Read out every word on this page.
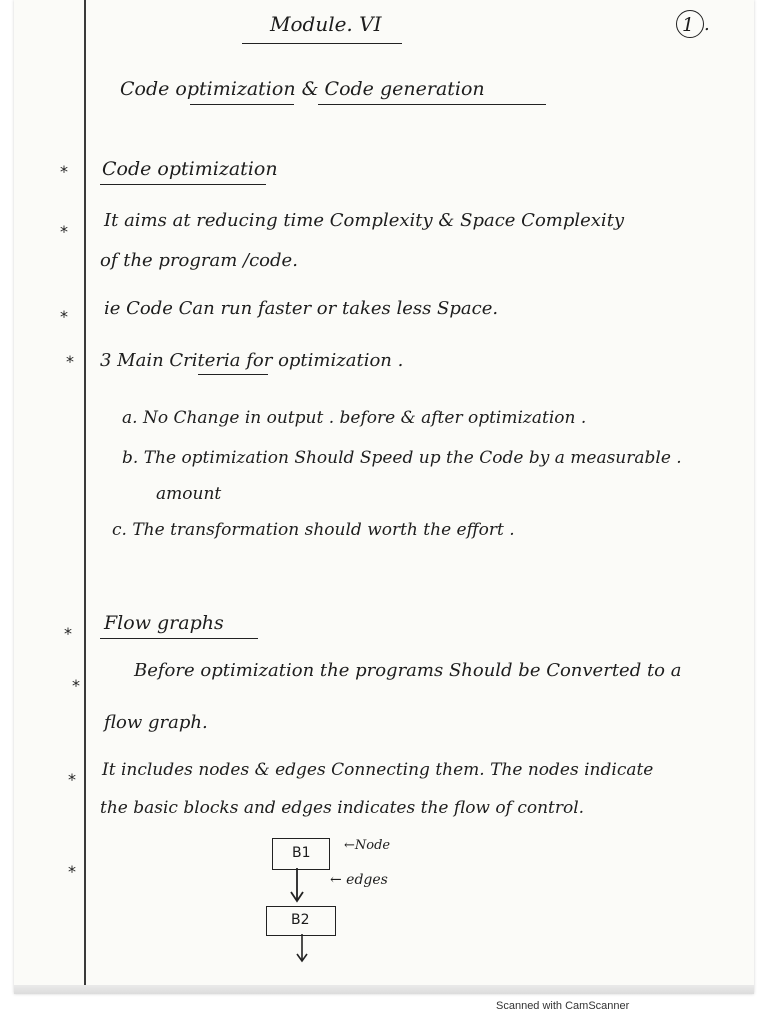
Module. VI	1 .
Code optimization & Code generation
* Code optimization
*
It aims at reducing time Complexity & Space Complexity
of the program /code.
* ie Code Can run faster or takes less Space.
* 3 Main Criteria for optimization .
a. No Change in output . before & after optimization .
b. The optimization Should Speed up the Code by a measurable .
amount
c. The transformation should worth the effort .
* Flow graphs
*
Before optimization the programs Should be Converted to a
flow graph.
* It includes nodes & edges Connecting them. The nodes indicate
the basic blocks and edges indicates the flow of control.
*
B1	←Node
← edges
B2
Scanned with CamScanner
